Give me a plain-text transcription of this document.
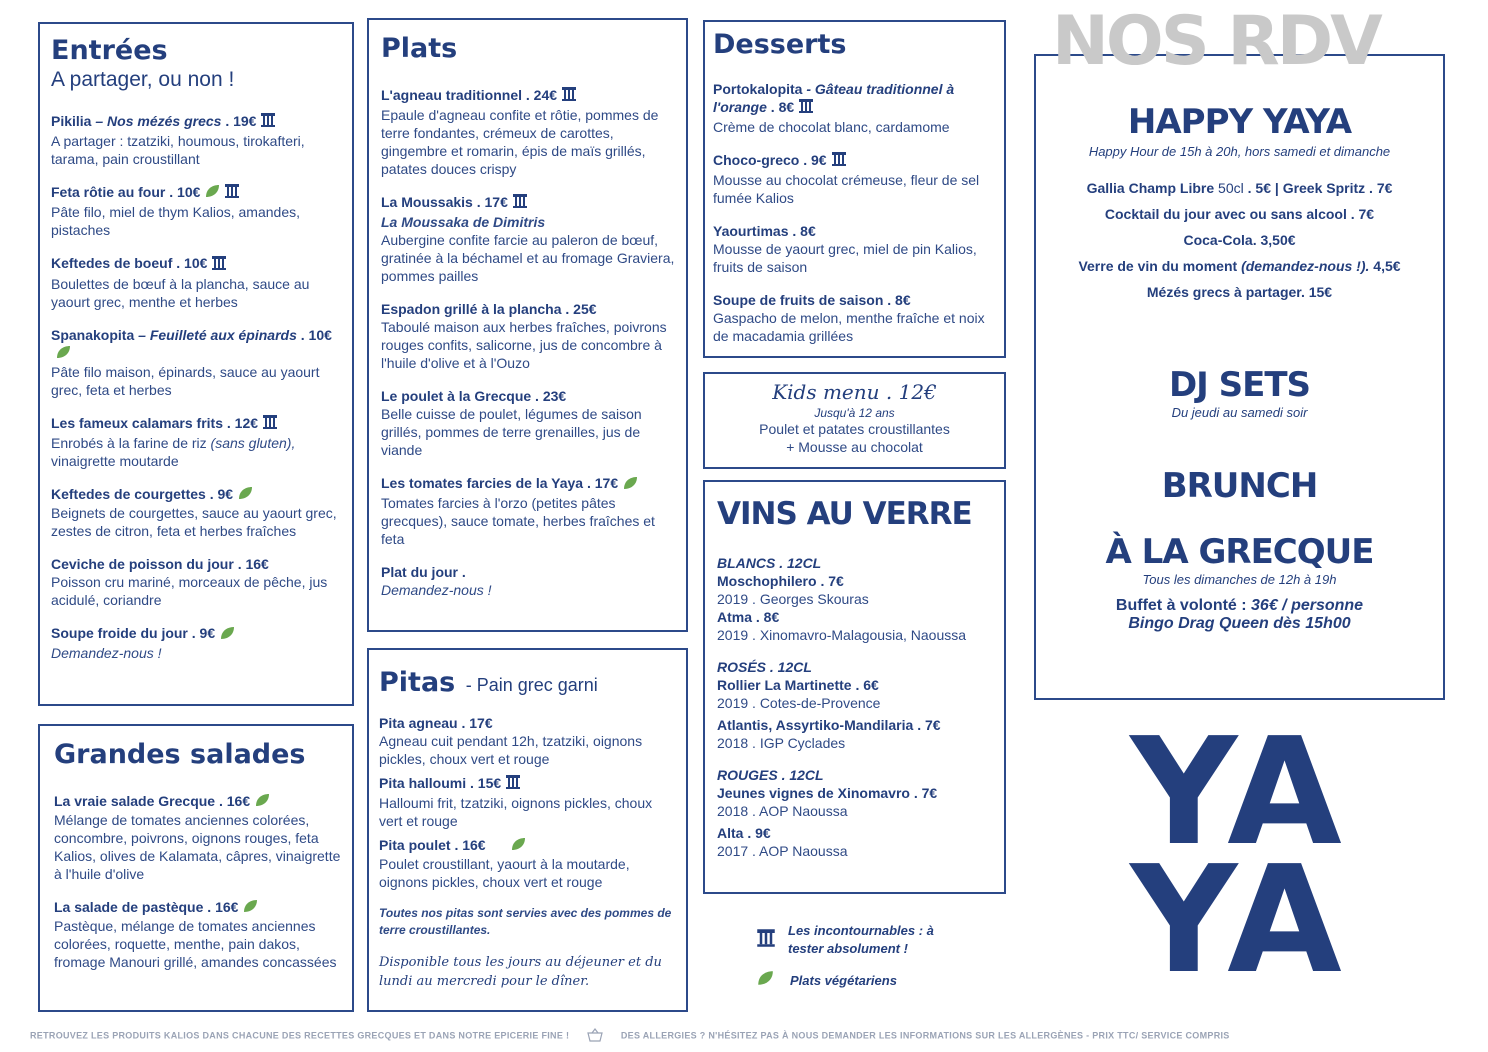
Entrées
A partager, ou non !
Pikilia – Nos mézés grecs . 19€
A partager : tzatziki, houmous, tirokafteri, tarama, pain croustillant
Feta rôtie au four . 10€
Pâte filo, miel de thym Kalios, amandes, pistaches
Keftedes de boeuf . 10€
Boulettes de bœuf à la plancha, sauce au yaourt grec, menthe et herbes
Spanakopita – Feuilleté aux épinards . 10€
Pâte filo maison, épinards, sauce au yaourt grec, feta et herbes
Les fameux calamars frits . 12€
Enrobés à la farine de riz (sans gluten), vinaigrette moutarde
Keftedes de courgettes . 9€
Beignets de courgettes, sauce au yaourt grec, zestes de citron, feta et herbes fraîches
Ceviche de poisson du jour . 16€
Poisson cru mariné, morceaux de pêche, jus acidulé, coriandre
Soupe froide du jour . 9€
Demandez-nous !
Grandes salades
La vraie salade Grecque . 16€
Mélange de tomates anciennes colorées, concombre, poivrons, oignons rouges, feta Kalios, olives de Kalamata, câpres, vinaigrette à l'huile d'olive
La salade de pastèque . 16€
Pastèque, mélange de tomates anciennes colorées, roquette, menthe, pain dakos, fromage Manouri grillé, amandes concassées
Plats
L'agneau traditionnel . 24€
Epaule d'agneau confite et rôtie, pommes de terre fondantes, crémeux de carottes, gingembre et romarin, épis de maïs grillés, patates douces crispy
La Moussakis . 17€
La Moussaka de Dimitris
Aubergine confite farcie au paleron de bœuf, gratinée à la béchamel et au fromage Graviera, pommes pailles
Espadon grillé à la plancha . 25€
Taboulé maison aux herbes fraîches, poivrons rouges confits, salicorne, jus de concombre à l'huile d'olive et à l'Ouzo
Le poulet à la Grecque . 23€
Belle cuisse de poulet, légumes de saison grillés, pommes de terre grenailles, jus de viande
Les tomates farcies de la Yaya . 17€
Tomates farcies à l'orzo (petites pâtes grecques), sauce tomate, herbes fraîches et feta
Plat du jour .
Demandez-nous !
Pitas - Pain grec garni
Pita agneau . 17€
Agneau cuit pendant 12h, tzatziki, oignons pickles, choux vert et rouge
Pita halloumi . 15€
Halloumi frit, tzatziki, oignons pickles, choux vert et rouge
Pita poulet . 16€
Poulet croustillant, yaourt à la moutarde, oignons pickles, choux vert et rouge
Toutes nos pitas sont servies avec des pommes de terre croustillantes.
Disponible tous les jours au déjeuner et du lundi au mercredi pour le dîner.
Desserts
Portokalopita - Gâteau traditionnel à l'orange . 8€
Crème de chocolat blanc, cardamome
Choco-greco . 9€
Mousse au chocolat crémeuse, fleur de sel fumée Kalios
Yaourtimas . 8€
Mousse de yaourt grec, miel de pin Kalios, fruits de saison
Soupe de fruits de saison . 8€
Gaspacho de melon, menthe fraîche et noix de macadamia grillées
Kids menu . 12€
Jusqu'à 12 ans
Poulet et patates croustillantes
+ Mousse au chocolat
VINS AU VERRE
BLANCS . 12CL
Moschophilero . 7€
2019 . Georges Skouras
Atma . 8€
2019 . Xinomavro-Malagousia, Naoussa
ROSÉS . 12CL
Rollier La Martinette . 6€
2019 . Cotes-de-Provence
Atlantis, Assyrtiko-Mandilaria . 7€
2018 . IGP Cyclades
ROUGES . 12CL
Jeunes vignes de Xinomavro . 7€
2018 . AOP Naoussa
Alta . 9€
2017 . AOP Naoussa
Les incontournables : à tester absolument !
Plats végétariens
NOS RDV
HAPPY YAYA
Happy Hour de 15h à 20h, hors samedi et dimanche
Gallia Champ Libre 50cl . 5€ | Greek Spritz . 7€
Cocktail du jour avec ou sans alcool . 7€
Coca-Cola. 3,50€
Verre de vin du moment (demandez-nous !). 4,5€
Mézés grecs à partager. 15€
DJ SETS
Du jeudi au samedi soir
BRUNCH
À LA GRECQUE
Tous les dimanches de 12h à 19h
Buffet à volonté : 36€ / personne
Bingo Drag Queen dès 15h00
YA
YA
RETROUVEZ LES PRODUITS KALIOS DANS CHACUNE DES RECETTES GRECQUES ET DANS NOTRE EPICERIE FINE !	DES ALLERGIES ? N'HÉSITEZ PAS À NOUS DEMANDER LES INFORMATIONS SUR LES ALLERGÈNES - PRIX TTC/ SERVICE COMPRIS
